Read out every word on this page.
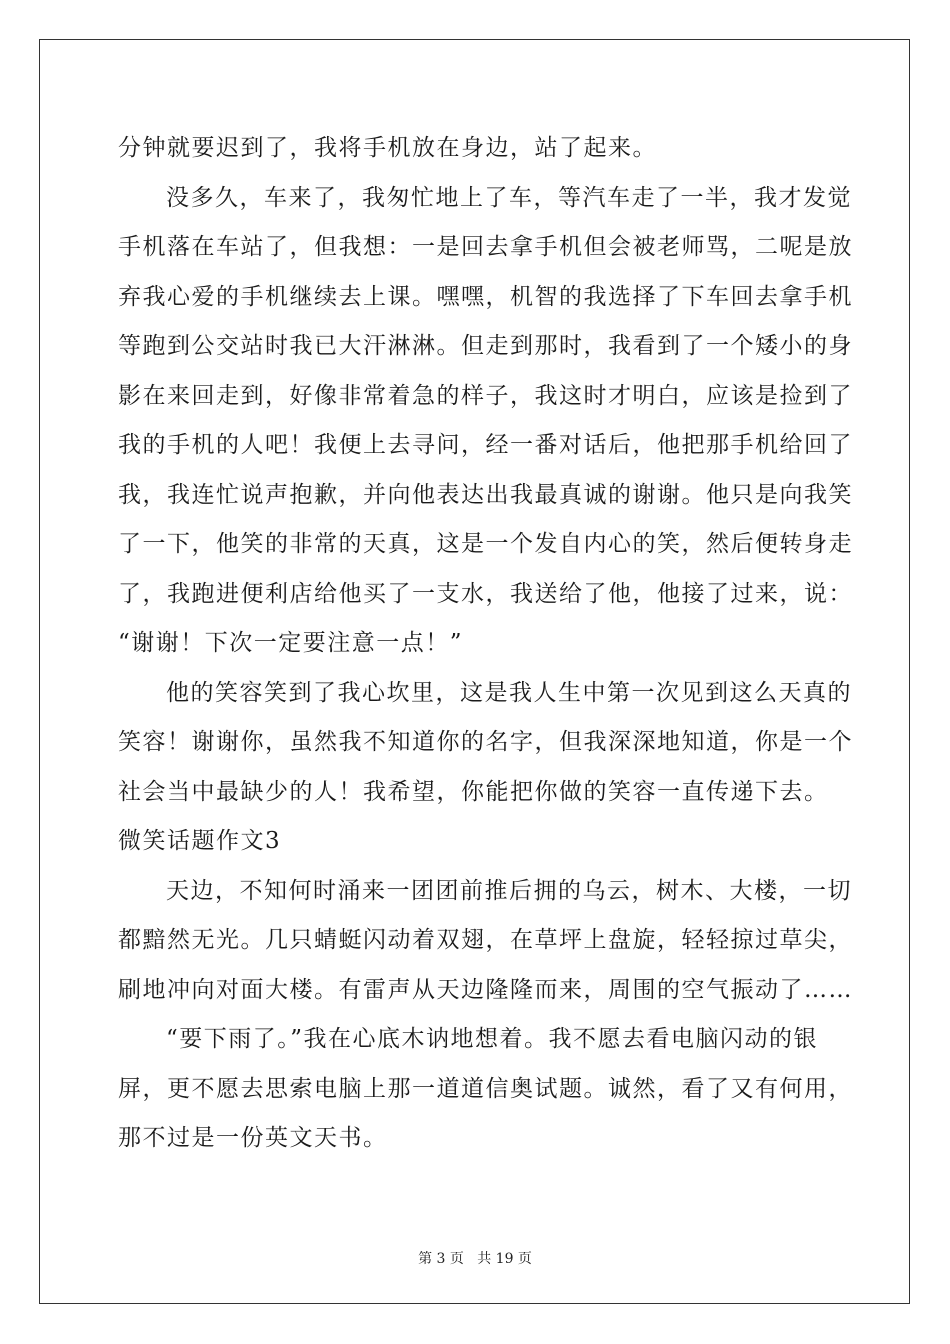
分钟就要迟到了，我将手机放在身边，站了起来。
没多久，车来了，我匆忙地上了车，等汽车走了一半，我才发觉
手机落在车站了，但我想：一是回去拿手机但会被老师骂，二呢是放
弃我心爱的手机继续去上课。嘿嘿，机智的我选择了下车回去拿手机
等跑到公交站时我已大汗淋淋。但走到那时，我看到了一个矮小的身
影在来回走到，好像非常着急的样子，我这时才明白，应该是捡到了
我的手机的人吧！我便上去寻问，经一番对话后，他把那手机给回了
我，我连忙说声抱歉，并向他表达出我最真诚的谢谢。他只是向我笑
了一下，他笑的非常的天真，这是一个发自内心的笑，然后便转身走
了，我跑进便利店给他买了一支水，我送给了他，他接了过来，说：
“谢谢！下次一定要注意一点！”
他的笑容笑到了我心坎里，这是我人生中第一次见到这么天真的
笑容！谢谢你，虽然我不知道你的名字，但我深深地知道，你是一个
社会当中最缺少的人！我希望，你能把你做的笑容一直传递下去。
微笑话题作文3
天边，不知何时涌来一团团前推后拥的乌云，树木、大楼，一切
都黯然无光。几只蜻蜓闪动着双翅，在草坪上盘旋，轻轻掠过草尖，
刷地冲向对面大楼。有雷声从天边隆隆而来，周围的空气振动了……
“要下雨了。”我在心底木讷地想着。我不愿去看电脑闪动的银
屏，更不愿去思索电脑上那一道道信奥试题。诚然，看了又有何用，
那不过是一份英文天书。
第 3 页   共 19 页
